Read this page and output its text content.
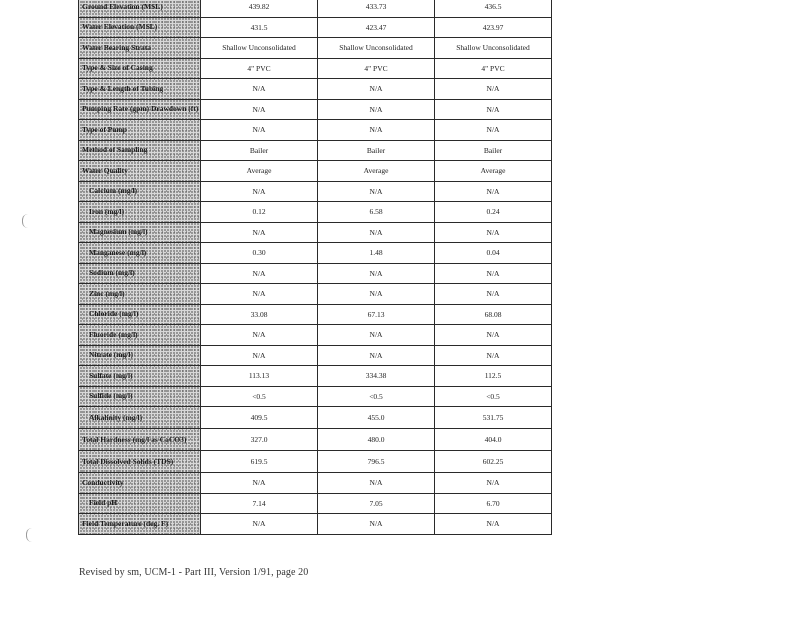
Ground Elevation (MSL)	439.82	433.73	436.5
Water Elevation (MSL)	431.5	423.47	423.97
Water Bearing Strata	Shallow Unconsolidated	Shallow Unconsolidated	Shallow Unconsolidated
Type & Size of Casing	4" PVC	4" PVC	4" PVC
Type & Length of Tubing	N/A	N/A	N/A
Pumping Rate (gpm) Drawdown (ft)	N/A	N/A	N/A
Type of Pump	N/A	N/A	N/A
Method of Sampling	Bailer	Bailer	Bailer
Water Quality	Average	Average	Average
Calcium (mg/l)	N/A	N/A	N/A
Iron (mg/l)	0.12	6.58	0.24
Magnesium (mg/l)	N/A	N/A	N/A
Manganese (mg/l)	0.30	1.48	0.04
Sodium (mg/l)	N/A	N/A	N/A
Zinc (mg/l)	N/A	N/A	N/A
Chloride (mg/l)	33.08	67.13	68.08
Fluoride (mg/l)	N/A	N/A	N/A
Nitrate (mg/l)	N/A	N/A	N/A
Sulfate (mg/l)	113.13	334.38	112.5
Sulfide (mg/l)	<0.5	<0.5	<0.5
Alkalinity (mg/l)	409.5	455.0	531.75
Total Hardness (mg/l as CaCO3)	327.0	480.0	404.0
Total Dissolved Solids (TDS)	619.5	796.5	602.25
Conductivity	N/A	N/A	N/A
Field pH	7.14	7.05	6.70
Field Temperature (deg. F)	N/A	N/A	N/A
Revised by sm, UCM-1 - Part III, Version 1/91, page 20
